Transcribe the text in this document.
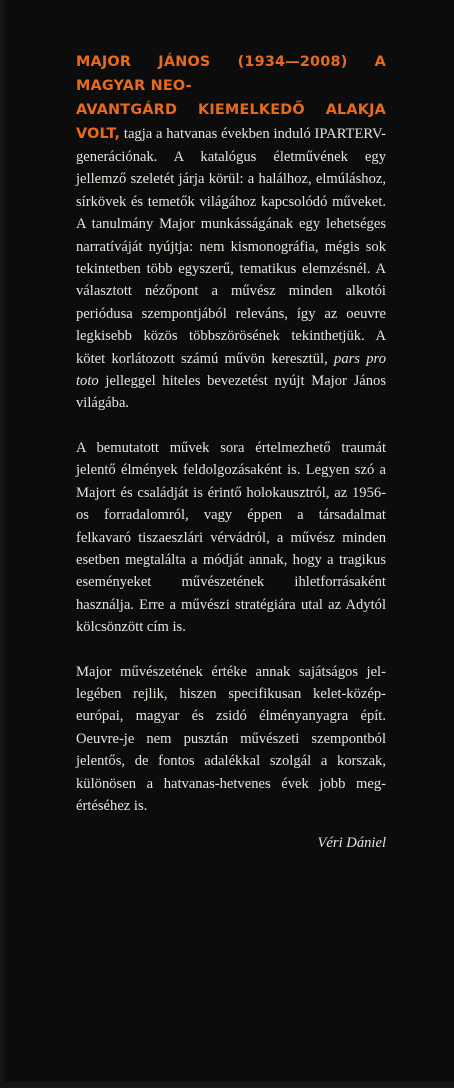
MAJOR JÁNOS (1934—2008) A MAGYAR NEO-
AVANTGÁRD KIEMELKEDŐ ALAKJA VOLT, tagja a hatvanas években induló IPARTERV-generációnak. A katalógus életművének egy jellemző szeletét járja körül: a halálhoz, elmúláshoz, sírkövek és temetők világához kapcsolódó műveket. A tanulmány Major munkásságának egy lehetséges narratíváját nyújtja: nem kismonográfia, mégis sok tekintetben több egyszerű, tematikus elemzésnél. A választott nézőpont a művész minden alkotói periódusa szempontjából releváns, így az oeuvre legkisebb közös többszörösének tekinthetjük. A kötet korlátozott számú művön keresztül, pars pro toto jelleggel hiteles bevezetést nyújt Major János világába.

A bemutatott művek sora értelmezhető traumát jelentő élmények feldolgozásaként is. Legyen szó a Majort és családját is érintő holokausztról, az 1956-os forradalomról, vagy éppen a társadalmat felkavaró tiszaeszlári vérvádról, a művész minden esetben megtalálta a módját annak, hogy a tragikus eseményeket művészetének ihletforrásaként használja. Erre a művészi stratégiára utal az Adytól kölcsönzött cím is.

Major művészetének értéke annak sajátságos jellegében rejlik, hiszen specifikusan kelet-középeurópai, magyar és zsidó élményanyagra épít. Oeuvre-je nem pusztán művészeti szempontból jelentős, de fontos adalékkal szolgál a korszak, különösen a hatvanas-hetvenes évek jobb megértéséhez is.

Véri Dániel
